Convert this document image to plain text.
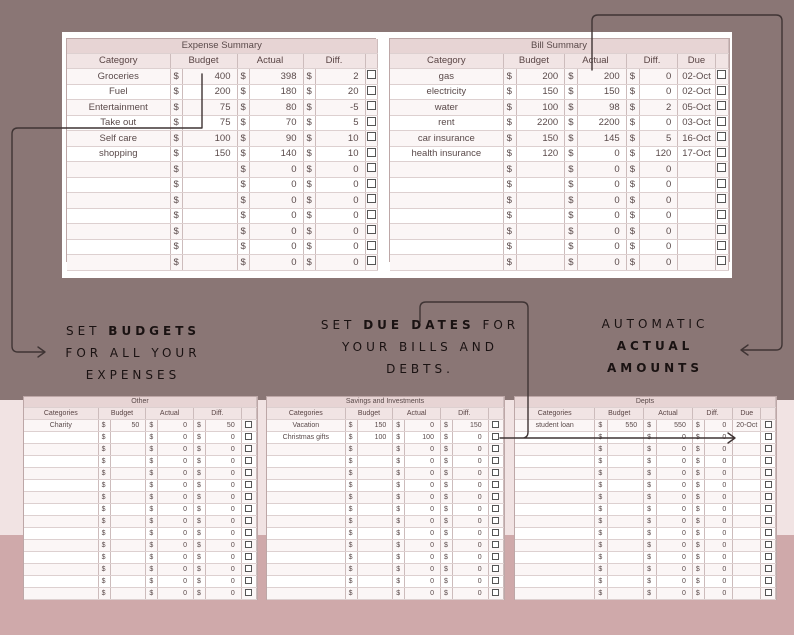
Expense Summary							
Category	Budget		Actual		Diff.		
Groceries	$	400	$	398	$	2	
Fuel	$	200	$	180	$	20	
Entertainment	$	75	$	80	$	-5	
Take out	$	75	$	70	$	5	
Self care	$	100	$	90	$	10	
shopping	$	150	$	140	$	10	
	$		$	0	$	0	
	$		$	0	$	0	
	$		$	0	$	0	
	$		$	0	$	0	
	$		$	0	$	0	
	$		$	0	$	0	
	$		$	0	$	0	
Bill Summary								
Category	Budget		Actual		Diff.		Due	
gas	$	200	$	200	$	0	02-Oct	
electricity	$	150	$	150	$	0	02-Oct	
water	$	100	$	98	$	2	05-Oct	
rent	$	2200	$	2200	$	0	03-Oct	
car insurance	$	150	$	145	$	5	16-Oct	
health insurance	$	120	$	0	$	120	17-Oct	
	$		$	0	$	0		
	$		$	0	$	0		
	$		$	0	$	0		
	$		$	0	$	0		
	$		$	0	$	0		
	$		$	0	$	0		
	$		$	0	$	0		
Other							
Categories	Budget		Actual		Diff.		
Charity	$	50	$	0	$	50	
	$		$	0	$	0	
	$		$	0	$	0	
	$		$	0	$	0	
	$		$	0	$	0	
	$		$	0	$	0	
	$		$	0	$	0	
	$		$	0	$	0	
	$		$	0	$	0	
	$		$	0	$	0	
	$		$	0	$	0	
	$		$	0	$	0	
	$		$	0	$	0	
	$		$	0	$	0	
	$		$	0	$	0	
Savings and Investments							
Categories	Budget		Actual		Diff.		
Vacation	$	150	$	0	$	150	
Christmas gifts	$	100	$	100	$	0	
	$		$	0	$	0	
	$		$	0	$	0	
	$		$	0	$	0	
	$		$	0	$	0	
	$		$	0	$	0	
	$		$	0	$	0	
	$		$	0	$	0	
	$		$	0	$	0	
	$		$	0	$	0	
	$		$	0	$	0	
	$		$	0	$	0	
	$		$	0	$	0	
	$		$	0	$	0	
Depts								
Categories	Budget		Actual		Diff.		Due	
student loan	$	550	$	550	$	0	20-Oct	
	$		$	0	$	0		
	$		$	0	$	0		
	$		$	0	$	0		
	$		$	0	$	0		
	$		$	0	$	0		
	$		$	0	$	0		
	$		$	0	$	0		
	$		$	0	$	0		
	$		$	0	$	0		
	$		$	0	$	0		
	$		$	0	$	0		
	$		$	0	$	0		
	$		$	0	$	0		
	$		$	0	$	0		
SET BUDGETS
FOR ALL YOUR EXPENSES
SET DUE DATES FOR YOUR BILLS AND DEBTS.
AUTOMATIC
ACTUAL AMOUNTS
